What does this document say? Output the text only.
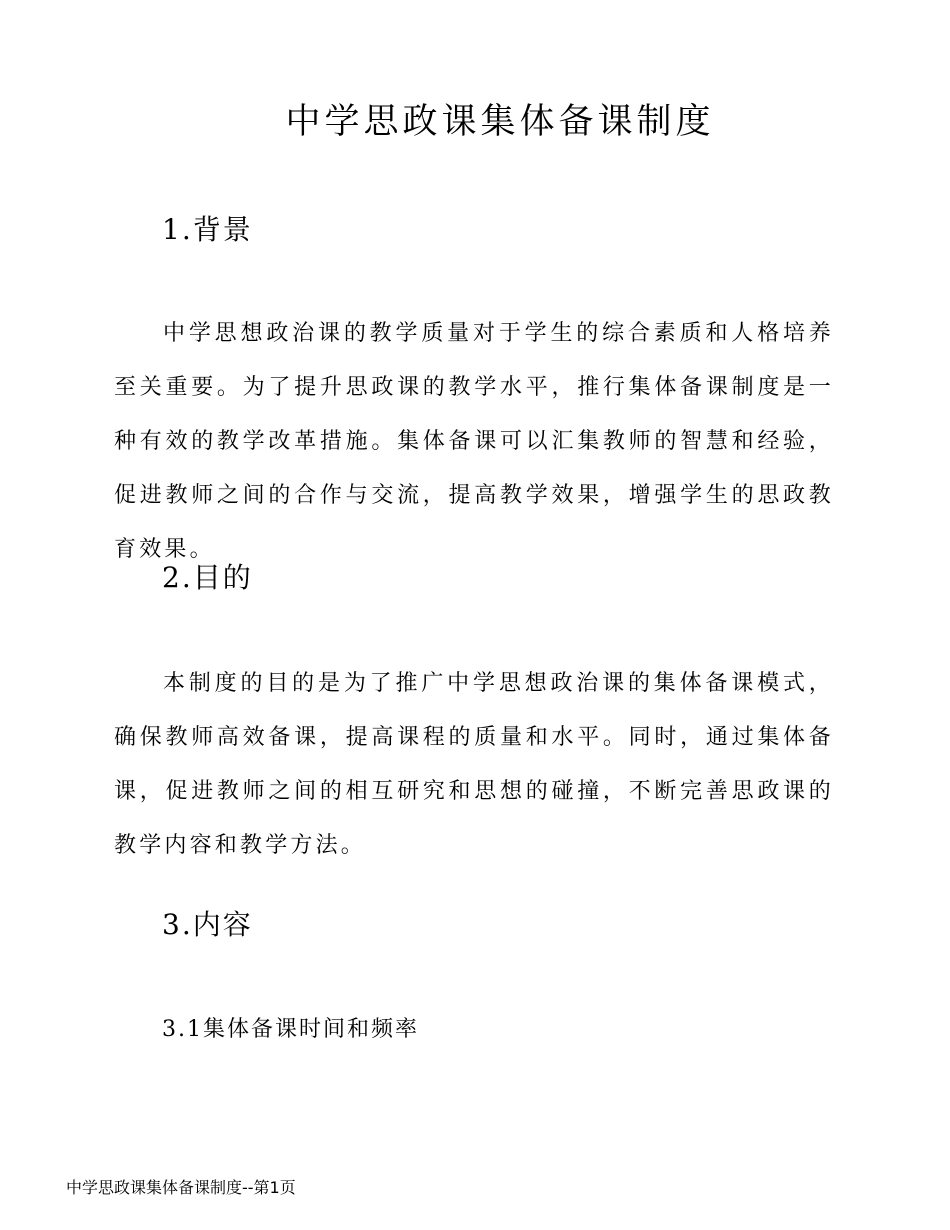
中学思政课集体备课制度
1.背景

中学思想政治课的教学质量对于学生的综合素质和人格培养至关重要。为了提升思政课的教学水平，推行集体备课制度是一种有效的教学改革措施。集体备课可以汇集教师的智慧和经验，促进教师之间的合作与交流，提高教学效果，增强学生的思政教育效果。

2.目的

本制度的目的是为了推广中学思想政治课的集体备课模式，确保教师高效备课，提高课程的质量和水平。同时，通过集体备课，促进教师之间的相互研究和思想的碰撞，不断完善思政课的教学内容和教学方法。

3.内容
3.1集体备课时间和频率
中学思政课集体备课制度--第1页
